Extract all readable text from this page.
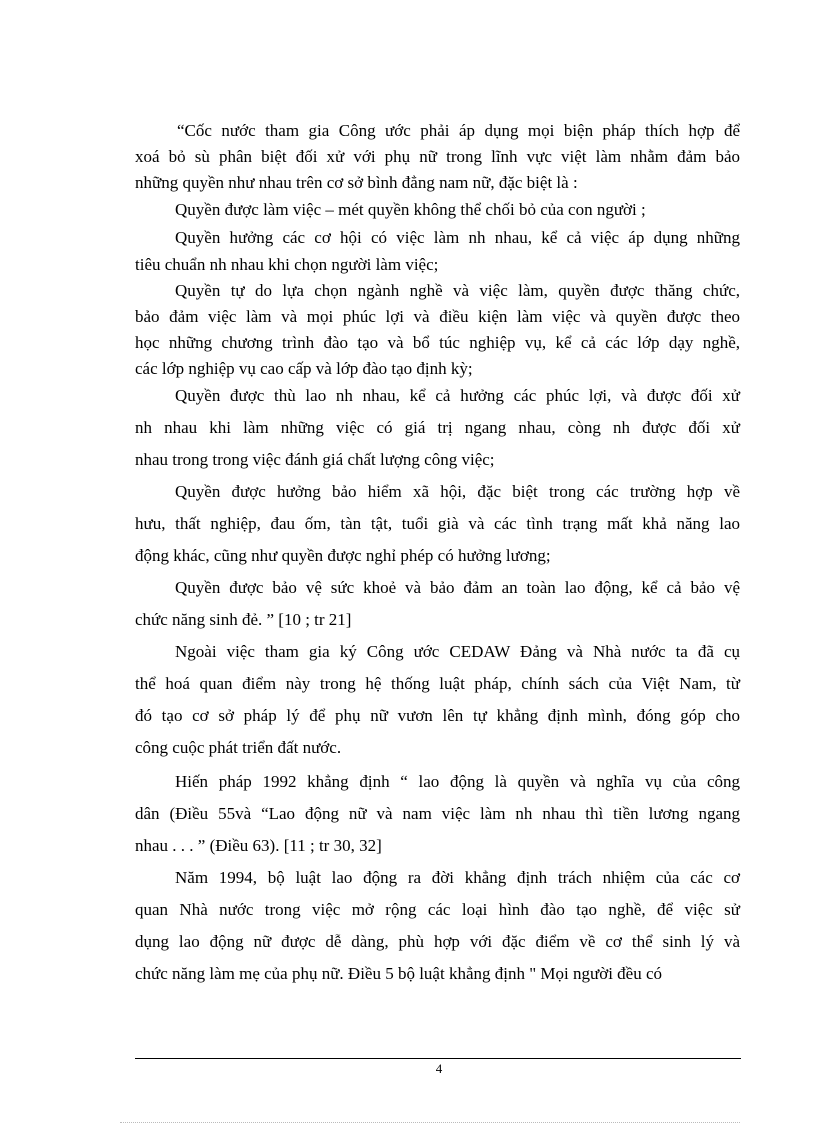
“Cốc nước tham gia Công ước phải áp dụng mọi biện pháp thích hợp để
xoá bỏ sù phân biệt đối xử với phụ nữ trong lĩnh vực việt làm nhằm đảm bảo
những quyền như nhau trên cơ sở bình đẳng nam nữ, đặc biệt là :
Quyền được làm việc – mét quyền không thể chối bỏ của con người ;
Quyền hưởng các cơ hội có việc làm nh nhau, kể cả việc áp dụng những
tiêu chuẩn nh nhau khi chọn người làm việc;
Quyền tự do lựa chọn ngành nghề và việc làm, quyền được thăng chức,
bảo đảm việc làm và mọi phúc lợi và điều kiện làm việc và quyền được theo
học những chương trình đào tạo và bổ túc nghiệp vụ, kể cả các lớp dạy nghề,
các lớp nghiệp vụ cao cấp và lớp đào tạo định kỳ;
Quyền được thù lao nh nhau, kể cả hưởng các phúc lợi, và được đối xử
nh nhau khi làm những việc có giá trị ngang nhau, còng nh được đối xử
nhau trong trong việc đánh giá chất lượng công việc;
Quyền được hưởng bảo hiểm xã hội, đặc biệt trong các trường hợp về
hưu, thất nghiệp, đau ốm, tàn tật, tuổi già và các tình trạng mất khả năng lao
động khác, cũng như quyền được nghỉ phép có hưởng lương;
Quyền được bảo vệ sức khoẻ và bảo đảm an toàn lao động, kể cả bảo vệ
chức năng sinh đẻ. ” [10 ; tr 21]
Ngoài việc tham gia ký Công ước CEDAW Đảng và Nhà nước ta đã cụ
thể hoá quan điểm này trong hệ thống luật pháp, chính sách của Việt Nam, từ
đó tạo cơ sở pháp lý để phụ nữ vươn lên tự khẳng định mình, đóng góp cho
công cuộc phát triển đất nước.
Hiến pháp 1992 khẳng định “ lao động là quyền và nghĩa vụ của công
dân (Điều 55và “Lao động nữ và nam việc làm nh nhau thì tiền lương ngang
nhau . . . ” (Điều 63). [11 ; tr 30, 32]
Năm 1994, bộ luật lao động ra đời khẳng định trách nhiệm của các cơ
quan Nhà nước trong việc mở rộng các loại hình đào tạo nghề, để việc sử
dụng lao động nữ được dễ dàng, phù hợp với đặc điểm về cơ thể sinh lý và
chức năng làm mẹ của phụ nữ. Điều 5 bộ luật khẳng định " Mọi người đều có
4
